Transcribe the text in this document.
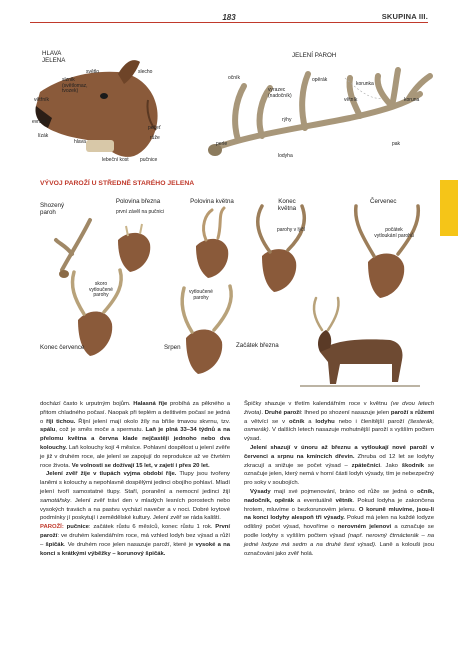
183	SKUPINA III.
HLAVA JELENA
slecho
světlo
slzník (světlomaz, tvozek)
větřník
evrsek
lízák
hlava
pečeť
růže
lebeční kost pučnice
JELENÍ PAROH
očník
vyrazec (nadočník)
opěrák
korunka
větník	koruna
rýhy
perle
lodyha
pak
VÝVOJ PAROŽÍ U STŘEDNĚ STARÉHO JELENA
Shozený paroh
Polovina března
první závěl na pučnici
Polovina května	Konec května
Červenec
parohy v lýčí	počátek vytloukání parohů
skoro vytloučené parohy
vytloučené parohy
Konec července	Srpen	Začátek března

dochází často k urputným bojům. Halasná říje probíhá za pěkného a přitom chladného počasí. Naopak při teplém a deštivém počasí se jedná o říji tichou. Říjní jelení mají okolo žíly na břiše tmavou skvrnu, tzv. spálu, což je směs moče a spermatu. Laň je plná 33–34 týdnů a na přelomu května a června klade nejčastěji jednoho nebo dva kolouchy. Laň kolouchy kojí 4 měsíce. Pohlavní dospělost u jelení zvěře je již v druhém roce, ale jelení se zapojují do reprodukce až ve čtvrtém roce života. Ve volnosti se dožívají 15 let, v zajetí i přes 20 let.

Jelení zvěř žije v tlupách vyjma období říje. Tlupy jsou tvořeny laněmi s kolouchy a nepohlavně dospělými jedinci obojího pohlaví. Mladí jelení tvoří samostatné tlupy. Staří, poranění a nemocní jedinci žijí samotářsky. Jelení zvěř tráví den v mladých lesních porostech nebo vysokých travách a na pastvu vychází navečer a v noci. Dobré krytové podmínky jí poskytují i zemědělské kultury. Jelení zvěř se ráda kaliští.

PAROŽÍ: pučnice: začátek růstu 6 měsíců, konec růstu 1 rok. První paroží: ve druhém kalendářním roce, má vzhled lodyh bez výsad a růží – špičák. Ve druhém roce jelen nasazuje paroží, které je vysoké a na konci s krátkými výběžky – korunový špičák.

Špičky shazuje v třetím kalendářním roce v květnu (ve dvou letech života). Druhé paroží: Ihned po shození nasazuje jelen paroží s růžemi a větvící se v očník a lodyhu nebo i členítější paroží (šesterák, osmerák). V dalších letech nasazuje mohutnější paroží s vyšším počtem výsad.

Jelení shazují v únoru až březnu a vytloukají nové paroží v červenci a srpnu na kmíncích dřevin. Zhruba od 12 let se lodyhy zkracují a snižuje se počet výsad – zpátečníci. Jako škodník se označuje jelen, který nemá v horní části lodyh výsady, tím je nebezpečný pro soky v soubojích.

Výsady mají své pojmenování, bráno od růže se jedná o očník, nadočník, opěrák a eventuálně větník. Pokud lodyha je zakončena hrotem, mluvíme o bezkorunovém jelenu. O koruně mluvíme, jsou-li na konci lodyhy alespoň tři výsady. Pokud má jelen na každé lodyze odlišný počet výsad, hovoříme o nerovném jelenovi a označuje se podle lodyhy s vyšším počtem výsad (např. nerovný čtrnácterák – na jedné lodyze má sedm a na druhé šest výsad). Laně a kolouši jsou označováni jako zvěř holá.
